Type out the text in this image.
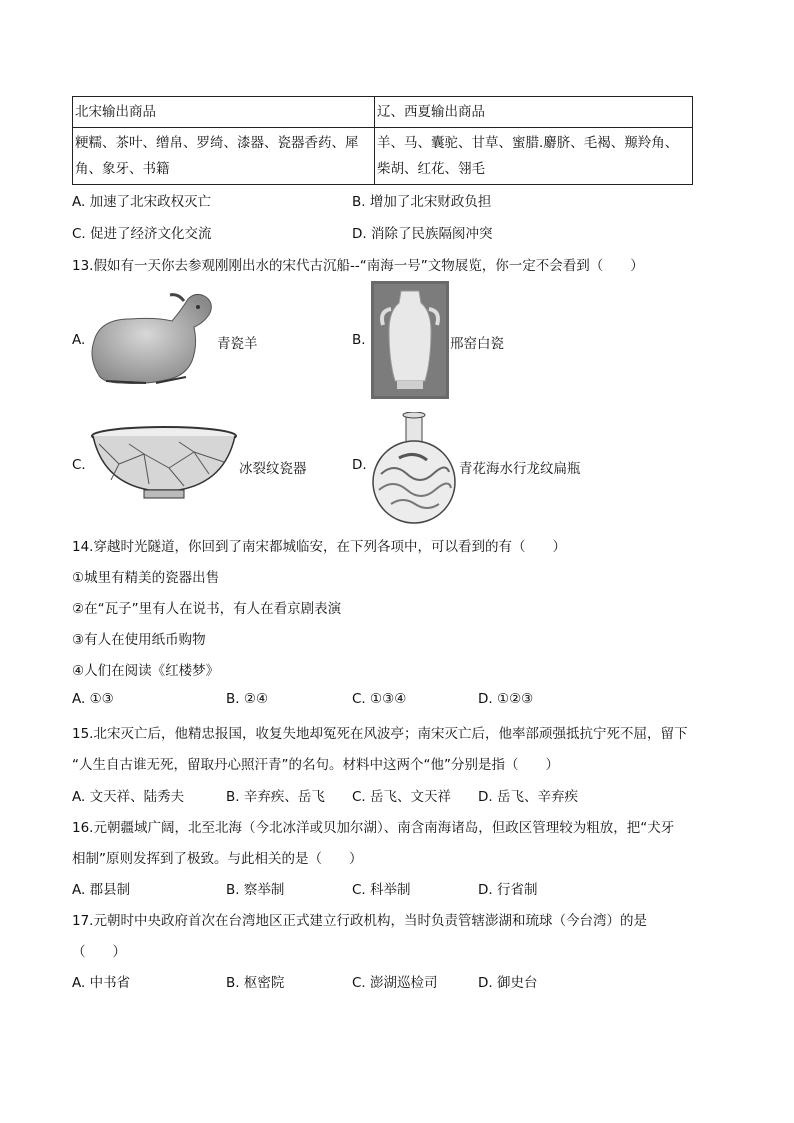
北宋输出商品	辽、西夏输出商品
粳糯、茶叶、缯帛、罗绮、漆器、瓷器香药、犀角、象牙、书籍	羊、马、囊驼、甘草、蜜腊.麝脐、毛褐、羱羚角、柴胡、红花、翎毛
A. 加速了北宋政权灭亡	B. 增加了北宋财政负担
C. 促进了经济文化交流	D. 消除了民族隔阂冲突
13.假如有一天你去参观刚刚出水的宋代古沉船--“南海一号”文物展览，你一定不会看到（　　）
A.	青瓷羊	B.	邢窑白瓷
C.	冰裂纹瓷器	D.	青花海水行龙纹扁瓶
14.穿越时光隧道，你回到了南宋都城临安，在下列各项中，可以看到的有（　　）
①城里有精美的瓷器出售
②在“瓦子”里有人在说书，有人在看京剧表演
③有人在使用纸币购物
④人们在阅读《红楼梦》
A. ①③	B. ②④	C. ①③④	D. ①②③
15.北宋灭亡后，他精忠报国，收复失地却冤死在风波亭；南宋灭亡后，他率部顽强抵抗宁死不屈，留下
“人生自古谁无死，留取丹心照汗青”的名句。材料中这两个“他”分别是指（　　）
A. 文天祥、陆秀夫	B. 辛弃疾、岳飞 C. 岳飞、文天祥 D. 岳飞、辛弃疾
16.元朝疆域广阔，北至北海（今北冰洋或贝加尔湖）、南含南海诸岛，但政区管理较为粗放，把“犬牙
相制”原则发挥到了极致。与此相关的是（　　）
A. 郡县制	B. 察举制	C. 科举制	D. 行省制
17.元朝时中央政府首次在台湾地区正式建立行政机构，当时负责管辖澎湖和琉球（今台湾）的是
（　　）
A. 中书省	B. 枢密院	C. 澎湖巡检司	D. 御史台
